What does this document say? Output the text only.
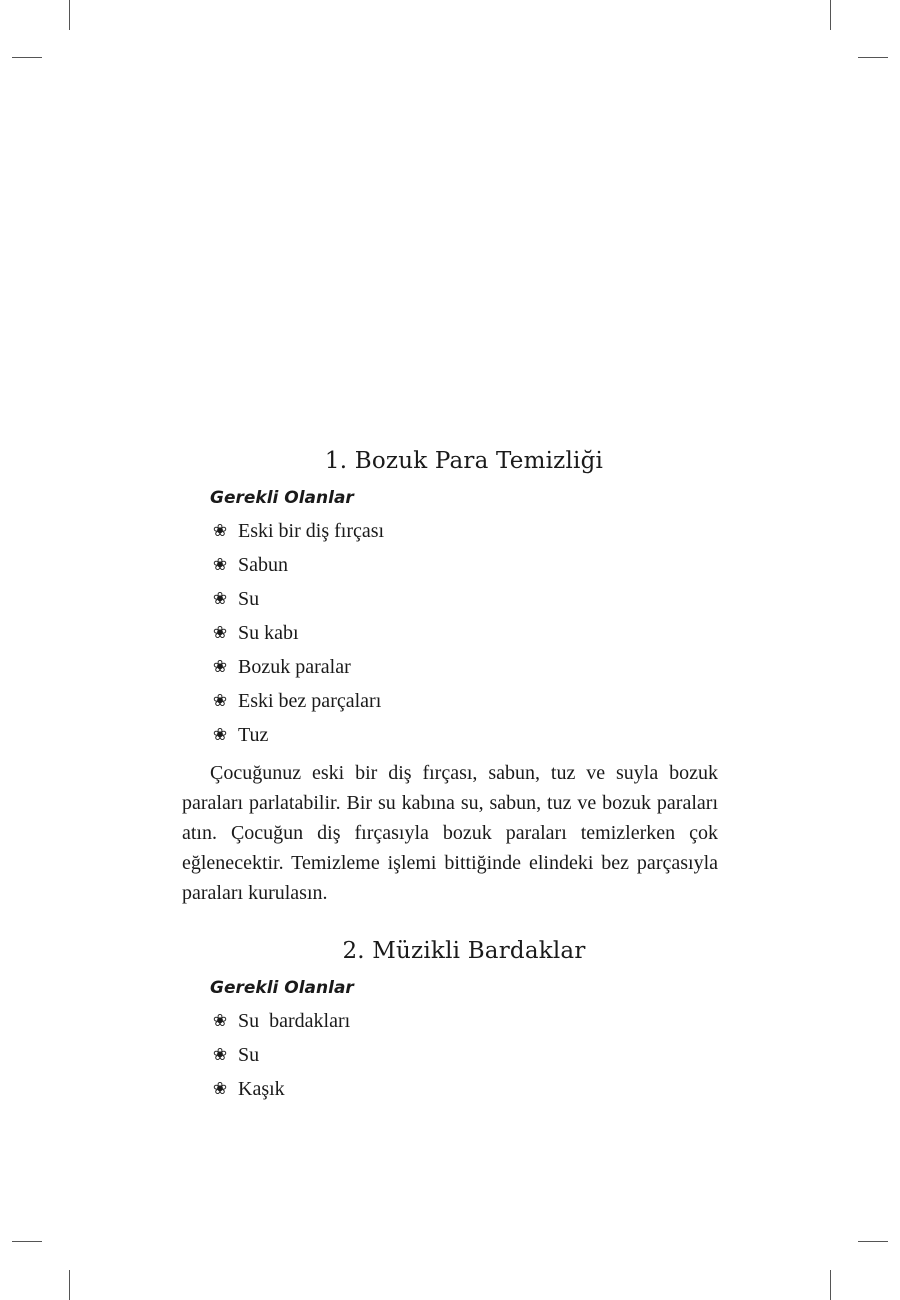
1. Bozuk Para Temizliği
Gerekli Olanlar
❀ Eski bir diş fırçası
❀ Sabun
❀ Su
❀ Su kabı
❀ Bozuk paralar
❀ Eski bez parçaları
❀ Tuz

Çocuğunuz eski bir diş fırçası, sabun, tuz ve suyla bozuk paraları parlatabilir. Bir su kabına su, sabun, tuz ve bozuk paraları atın. Çocuğun diş fırçasıyla bozuk paraları temizlerken çok eğlenecektir. Temizleme işlemi bittiğinde elindeki bez parçasıyla paraları kurulasın.

2. Müzikli Bardaklar
Gerekli Olanlar
❀ Su  bardakları
❀ Su
❀ Kaşık
